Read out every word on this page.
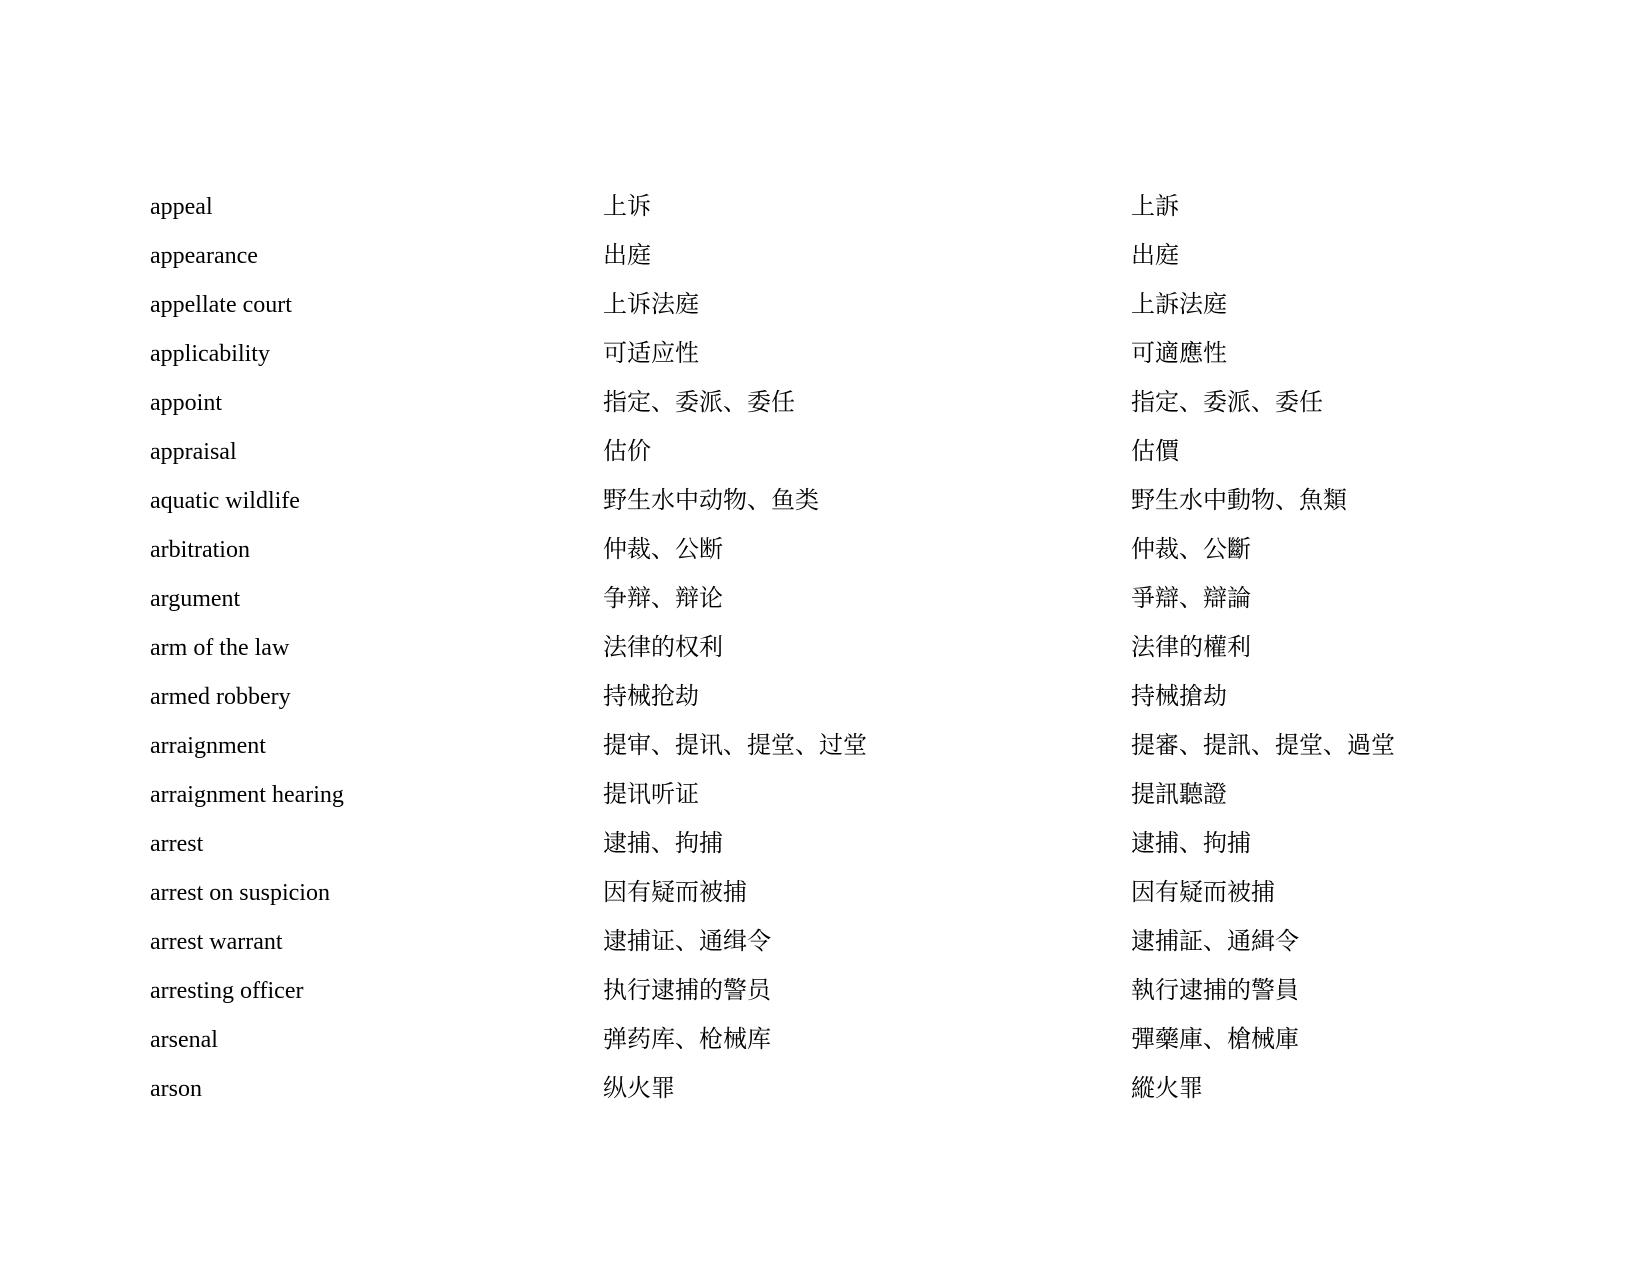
appeal	上诉	上訴
appearance	出庭	出庭
appellate court	上诉法庭	上訴法庭
applicability	可适应性	可適應性
appoint	指定、委派、委任	指定、委派、委任
appraisal	估价	估價
aquatic wildlife	野生水中动物、鱼类	野生水中動物、魚類
arbitration	仲裁、公断	仲裁、公斷
argument	争辩、辩论	爭辯、辯論
arm of the law	法律的权利	法律的權利
armed robbery	持械抢劫	持械搶劫
arraignment	提审、提讯、提堂、过堂	提審、提訊、提堂、過堂
arraignment hearing	提讯听证	提訊聽證
arrest	逮捕、拘捕	逮捕、拘捕
arrest on suspicion	因有疑而被捕	因有疑而被捕
arrest warrant	逮捕证、通缉令	逮捕証、通緝令
arresting officer	执行逮捕的警员	執行逮捕的警員
arsenal	弹药库、枪械库	彈藥庫、槍械庫
arson	纵火罪	縱火罪
